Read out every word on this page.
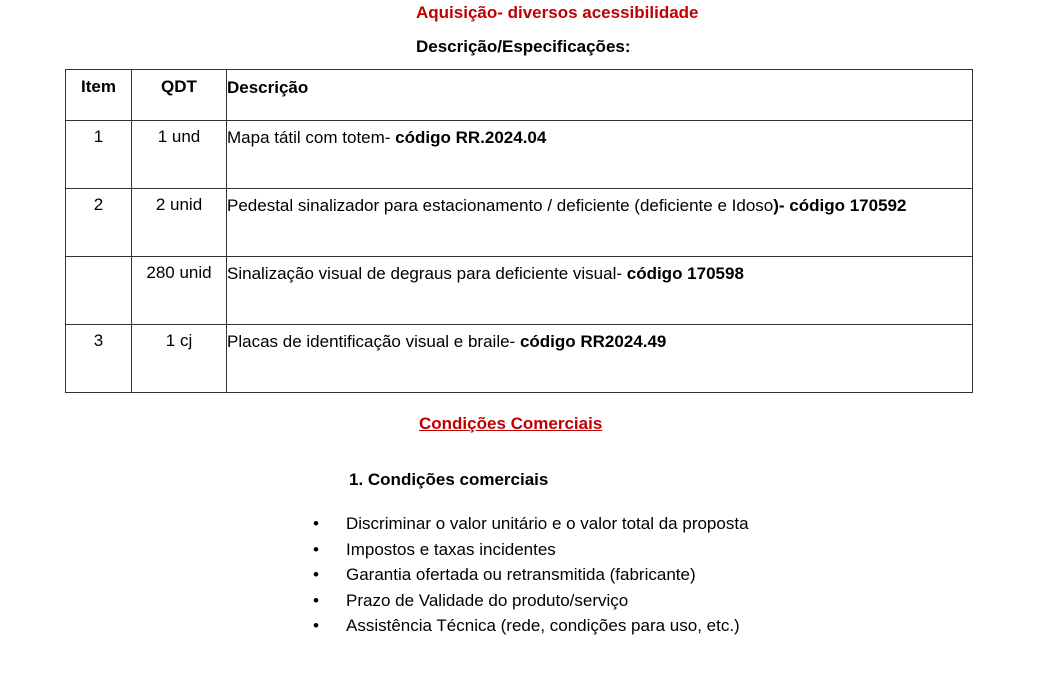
Aquisição- diversos acessibilidade
Descrição/Especificações:
Item	QDT	Descrição
1	1 und	Mapa tátil com totem- código RR.2024.04
2	2 unid	Pedestal sinalizador para estacionamento / deficiente (deficiente e Idoso)- código 170592
	280 unid	Sinalização visual de degraus para deficiente visual- código 170598
3	1 cj	Placas de identificação visual e braile- código RR2024.49
Condições Comerciais
1. Condições comerciais
• Discriminar o valor unitário e o valor total da proposta
• Impostos e taxas incidentes
• Garantia ofertada ou retransmitida (fabricante)
• Prazo de Validade do produto/serviço
• Assistência Técnica (rede, condições para uso, etc.)
